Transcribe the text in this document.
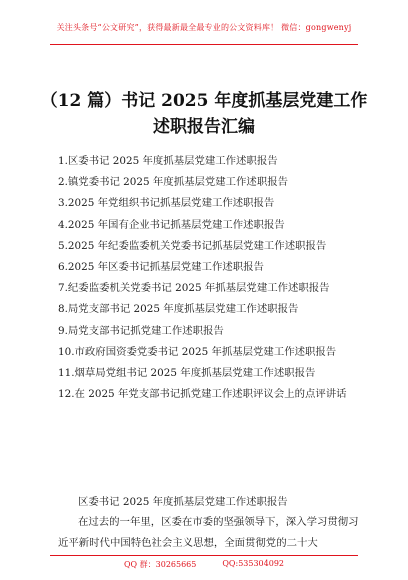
关注头条号“公文研究”，获得最新最全最专业的公文资料库！ 微信：gongwenyj
（12 篇）书记 2025 年度抓基层党建工作
述职报告汇编
1.区委书记 2025 年度抓基层党建工作述职报告
2.镇党委书记 2025 年度抓基层党建工作述职报告
3.2025 年党组织书记抓基层党建工作述职报告
4.2025 年国有企业书记抓基层党建工作述职报告
5.2025 年纪委监委机关党委书记抓基层党建工作述职报告
6.2025 年区委书记抓基层党建工作述职报告
7.纪委监委机关党委书记 2025 年抓基层党建工作述职报告
8.局党支部书记 2025 年度抓基层党建工作述职报告
9.局党支部书记抓党建工作述职报告
10.市政府国资委党委书记 2025 年抓基层党建工作述职报告
11.烟草局党组书记 2025 年度抓基层党建工作述职报告
12.在 2025 年党支部书记抓党建工作述职评议会上的点评讲话
区委书记 2025 年度抓基层党建工作述职报告
在过去的一年里，区委在市委的坚强领导下，深入学习贯彻习近平新时代中国特色社会主义思想，全面贯彻党的二十大
QQ 群：30265665	QQ:535304092
